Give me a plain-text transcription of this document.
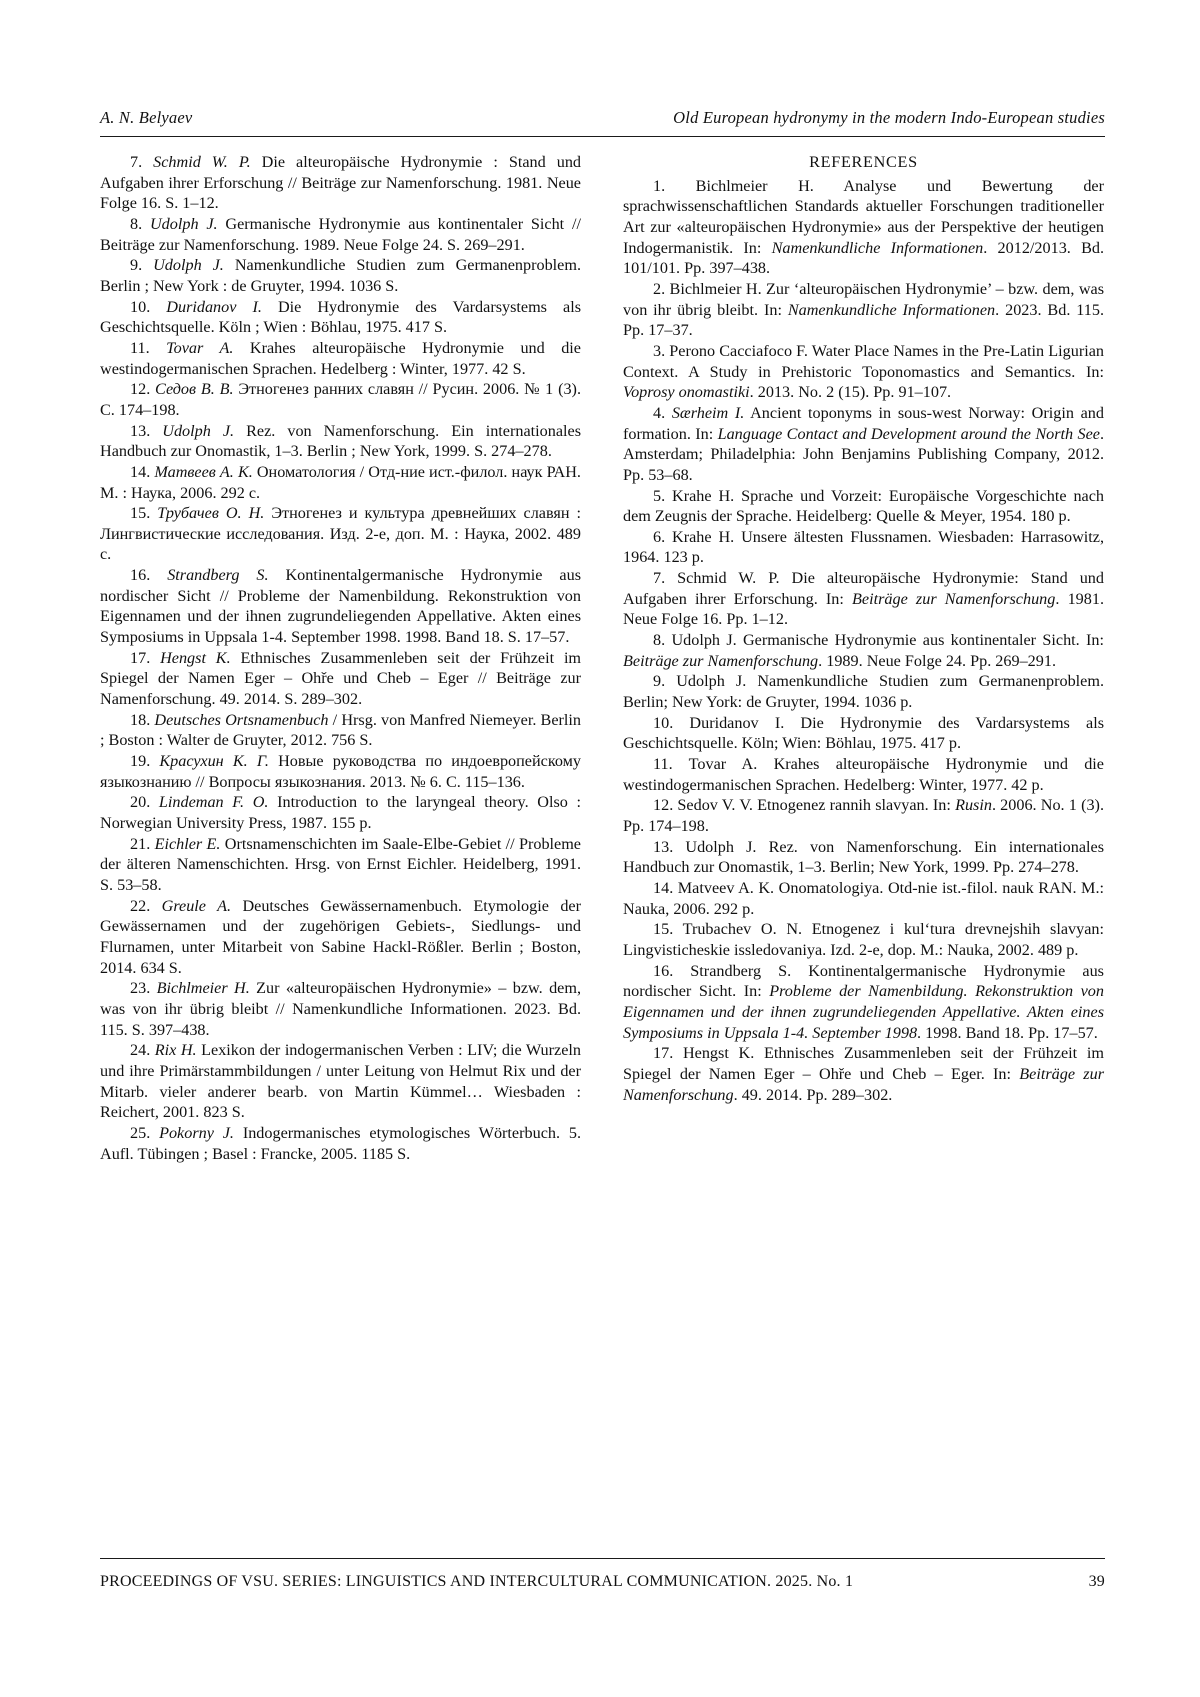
A. N. Belyaev	Old European hydronymy in the modern Indo-European studies

7. Schmid W. P. Die alteuropäische Hydronymie : Stand und Aufgaben ihrer Erforschung // Beiträge zur Namenforschung. 1981. Neue Folge 16. S. 1–12.

8. Udolph J. Germanische Hydronymie aus kontinentaler Sicht // Beiträge zur Namenforschung. 1989. Neue Folge 24. S. 269–291.

9. Udolph J. Namenkundliche Studien zum Germanenproblem. Berlin ; New York : de Gruyter, 1994. 1036 S.

10. Duridanov I. Die Hydronymie des Vardarsystems als Geschichtsquelle. Köln ; Wien : Böhlau, 1975. 417 S.

11. Tovar A. Krahes alteuropäische Hydronymie und die westindogermanischen Sprachen. Hedelberg : Winter, 1977. 42 S.

12. Седов В. В. Этногенез ранних славян // Русин. 2006. № 1 (3). С. 174–198.

13. Udolph J. Rez. von Namenforschung. Ein internationales Handbuch zur Onomastik, 1–3. Berlin ; New York, 1999. S. 274–278.

14. Матвеев А. К. Ономатология / Отд-ние ист.-филол. наук РАН. М. : Наука, 2006. 292 с.

15. Трубачев О. Н. Этногенез и культура древнейших славян : Лингвистические исследования. Изд. 2-е, доп. М. : Наука, 2002. 489 с.

16. Strandberg S. Kontinentalgermanische Hydronymie aus nordischer Sicht // Probleme der Namenbildung. Rekonstruktion von Eigennamen und der ihnen zugrundeliegenden Appellative. Akten eines Symposiums in Uppsala 1-4. September 1998. 1998. Band 18. S. 17–57.

17. Hengst K. Ethnisches Zusammenleben seit der Frühzeit im Spiegel der Namen Eger – Ohře und Cheb – Eger // Beiträge zur Namenforschung. 49. 2014. S. 289–302.

18. Deutsches Ortsnamenbuch / Hrsg. von Manfred Niemeyer. Berlin ; Boston : Walter de Gruyter, 2012. 756 S.

19. Красухин К. Г. Новые руководства по индоевропейскому языкознанию // Вопросы языкознания. 2013. № 6. С. 115–136.

20. Lindeman F. O. Introduction to the laryngeal theory. Olso : Norwegian University Press, 1987. 155 p.

21. Eichler E. Ortsnamenschichten im Saale-Elbe-Gebiet // Probleme der älteren Namenschichten. Hrsg. von Ernst Eichler. Heidelberg, 1991. S. 53–58.

22. Greule A. Deutsches Gewässernamenbuch. Etymologie der Gewässernamen und der zugehörigen Gebiets-, Siedlungs- und Flurnamen, unter Mitarbeit von Sabine Hackl-Rößler. Berlin ; Boston, 2014. 634 S.

23. Bichlmeier H. Zur «alteuropäischen Hydronymie» – bzw. dem, was von ihr übrig bleibt // Namenkundliche Informationen. 2023. Bd. 115. S. 397–438.

24. Rix H. Lexikon der indogermanischen Verben : LIV; die Wurzeln und ihre Primärstammbildungen / unter Leitung von Helmut Rix und der Mitarb. vieler anderer bearb. von Martin Kümmel… Wiesbaden : Reichert, 2001. 823 S.

25. Pokorny J. Indogermanisches etymologisches Wörterbuch. 5. Aufl. Tübingen ; Basel : Francke, 2005. 1185 S.

REFERENCES

1. Bichlmeier H. Analyse und Bewertung der sprachwissenschaftlichen Standards aktueller Forschungen traditioneller Art zur «alteuropäischen Hydronymie» aus der Perspektive der heutigen Indogermanistik. In: Namenkundliche Informationen. 2012/2013. Bd. 101/101. Pp. 397–438.

2. Bichlmeier H. Zur ‘alteuropäischen Hydronymie’ – bzw. dem, was von ihr übrig bleibt. In: Namenkundliche Informationen. 2023. Bd. 115. Pp. 17–37.

3. Perono Cacciafoco F. Water Place Names in the Pre-Latin Ligurian Context. A Study in Prehistoric Toponomastics and Semantics. In: Voprosy onomastiki. 2013. No. 2 (15). Pp. 91–107.

4. Særheim I. Ancient toponyms in sous-west Norway: Origin and formation. In: Language Contact and Development around the North See. Amsterdam; Philadelphia: John Benjamins Publishing Company, 2012. Pp. 53–68.

5. Krahe H. Sprache und Vorzeit: Europäische Vorgeschichte nach dem Zeugnis der Sprache. Heidelberg: Quelle & Meyer, 1954. 180 p.

6. Krahe H. Unsere ältesten Flussnamen. Wiesbaden: Harrasowitz, 1964. 123 p.

7. Schmid W. P. Die alteuropäische Hydronymie: Stand und Aufgaben ihrer Erforschung. In: Beiträge zur Namenforschung. 1981. Neue Folge 16. Pp. 1–12.

8. Udolph J. Germanische Hydronymie aus kontinentaler Sicht. In: Beiträge zur Namenforschung. 1989. Neue Folge 24. Pp. 269–291.

9. Udolph J. Namenkundliche Studien zum Germanenproblem. Berlin; New York: de Gruyter, 1994. 1036 p.

10. Duridanov I. Die Hydronymie des Vardarsystems als Geschichtsquelle. Köln; Wien: Böhlau, 1975. 417 p.

11. Tovar A. Krahes alteuropäische Hydronymie und die westindogermanischen Sprachen. Hedelberg: Winter, 1977. 42 p.

12. Sedov V. V. Etnogenez rannih slavyan. In: Rusin. 2006. No. 1 (3). Pp. 174–198.

13. Udolph J. Rez. von Namenforschung. Ein internationales Handbuch zur Onomastik, 1–3. Berlin; New York, 1999. Pp. 274–278.

14. Matveev A. K. Onomatologiya. Otd-nie ist.-filol. nauk RAN. M.: Nauka, 2006. 292 p.

15. Trubachev O. N. Etnogenez i kul‘tura drevnejshih slavyan: Lingvisticheskie issledovaniya. Izd. 2-e, dop. M.: Nauka, 2002. 489 p.

16. Strandberg S. Kontinentalgermanische Hydronymie aus nordischer Sicht. In: Probleme der Namenbildung. Rekonstruktion von Eigennamen und der ihnen zugrundeliegenden Appellative. Akten eines Symposiums in Uppsala 1-4. September 1998. 1998. Band 18. Pp. 17–57.

17. Hengst K. Ethnisches Zusammenleben seit der Frühzeit im Spiegel der Namen Eger – Ohře und Cheb – Eger. In: Beiträge zur Namenforschung. 49. 2014. Pp. 289–302.

PROCEEDINGS OF VSU. SERIES: LINGUISTICS AND INTERCULTURAL COMMUNICATION. 2025. No. 1	39
